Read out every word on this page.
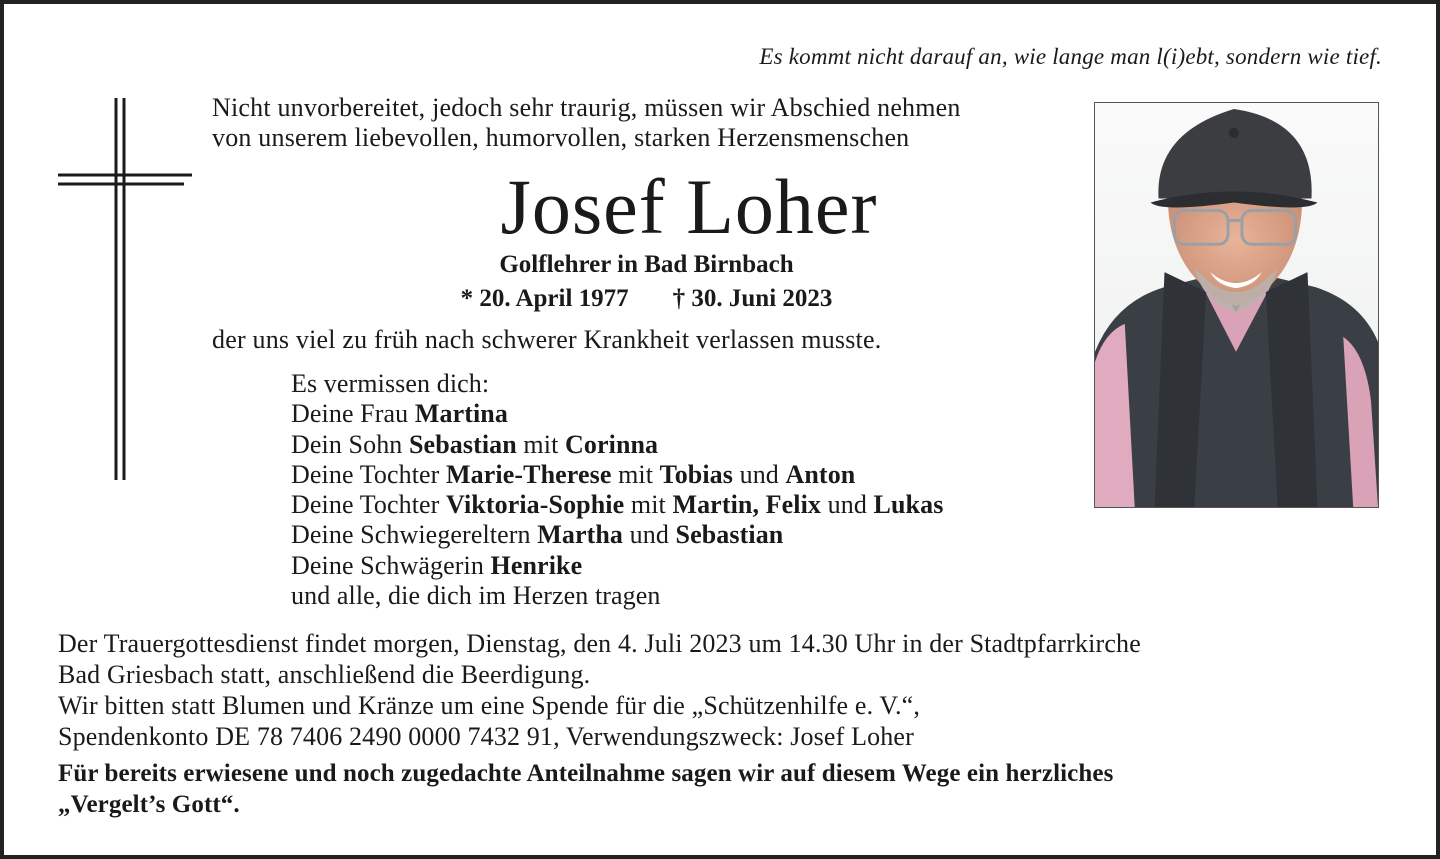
Es kommt nicht darauf an, wie lange man l(i)ebt, sondern wie tief.
Nicht unvorbereitet, jedoch sehr traurig, müssen wir Abschied nehmen
von unserem liebevollen, humorvollen, starken Herzensmenschen
Josef Loher
Golflehrer in Bad Birnbach
* 20. April 1977 † 30. Juni 2023
der uns viel zu früh nach schwerer Krankheit verlassen musste.
Es vermissen dich:
Deine Frau Martina
Dein Sohn Sebastian mit Corinna
Deine Tochter Marie-Therese mit Tobias und Anton
Deine Tochter Viktoria-Sophie mit Martin, Felix und Lukas
Deine Schwiegereltern Martha und Sebastian
Deine Schwägerin Henrike
und alle, die dich im Herzen tragen
Der Trauergottesdienst findet morgen, Dienstag, den 4. Juli 2023 um 14.30 Uhr in der Stadtpfarrkirche
Bad Griesbach statt, anschließend die Beerdigung.
Wir bitten statt Blumen und Kränze um eine Spende für die „Schützenhilfe e. V.“,
Spendenkonto DE 78 7406 2490 0000 7432 91, Verwendungszweck: Josef Loher
Für bereits erwiesene und noch zugedachte Anteilnahme sagen wir auf diesem Wege ein herzliches
„Vergelt’s Gott“.
